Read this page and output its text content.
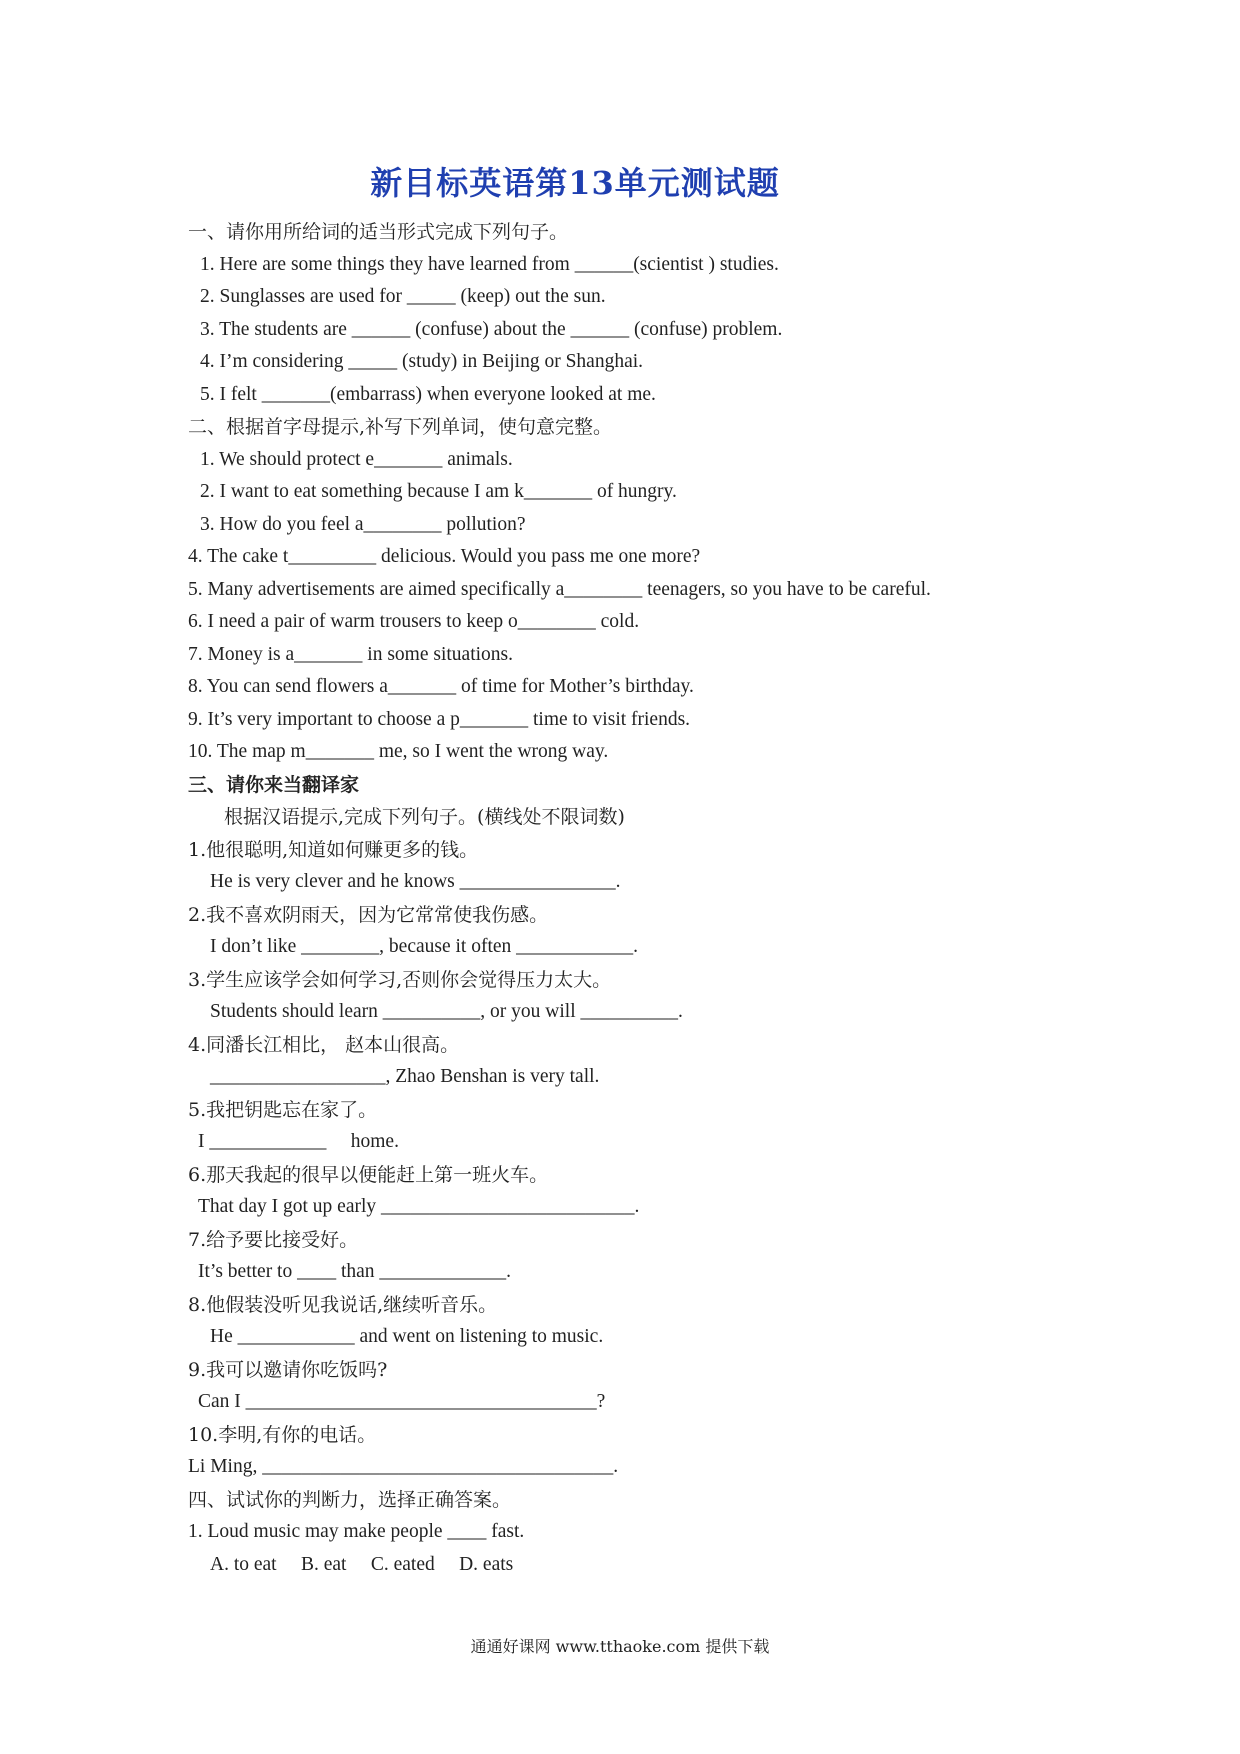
新目标英语第13单元测试题
一、请你用所给词的适当形式完成下列句子。
1. Here are some things they have learned from ______(scientist ) studies.
2. Sunglasses are used for _____ (keep) out the sun.
3. The students are ______ (confuse) about the ______ (confuse) problem.
4. I’m considering _____ (study) in Beijing or Shanghai.
5. I felt _______(embarrass) when everyone looked at me.
二、根据首字母提示,补写下列单词，使句意完整。
1. We should protect e_______ animals.
2. I want to eat something because I am k_______ of hungry.
3. How do you feel a________ pollution?
4. The cake t_________ delicious. Would you pass me one more?
5. Many advertisements are aimed specifically a________ teenagers, so you have to be careful.
6. I need a pair of warm trousers to keep o________ cold.
7. Money is a_______ in some situations.
8. You can send flowers a_______ of time for Mother’s birthday.
9. It’s very important to choose a p_______ time to visit friends.
10. The map m_______ me, so I went the wrong way.
三、请你来当翻译家
根据汉语提示,完成下列句子。(横线处不限词数)
1.他很聪明,知道如何赚更多的钱。
He is very clever and he knows ________________.
2.我不喜欢阴雨天，因为它常常使我伤感。
I don’t like ________, because it often ____________.
3.学生应该学会如何学习,否则你会觉得压力太大。
Students should learn __________, or you will __________.
4.同潘长江相比， 赵本山很高。
__________________, Zhao Benshan is very tall.
5.我把钥匙忘在家了。
I ____________     home.
6.那天我起的很早以便能赶上第一班火车。
That day I got up early __________________________.
7.给予要比接受好。
It’s better to ____ than _____________.
8.他假装没听见我说话,继续听音乐。
He ____________ and went on listening to music.
9.我可以邀请你吃饭吗?
Can I ____________________________________?
10.李明,有你的电话。
Li Ming, ____________________________________.
四、试试你的判断力，选择正确答案。
1. Loud music may make people ____ fast.
A. to eat     B. eat     C. eated     D. eats
通通好课网 www.tthaoke.com 提供下载
